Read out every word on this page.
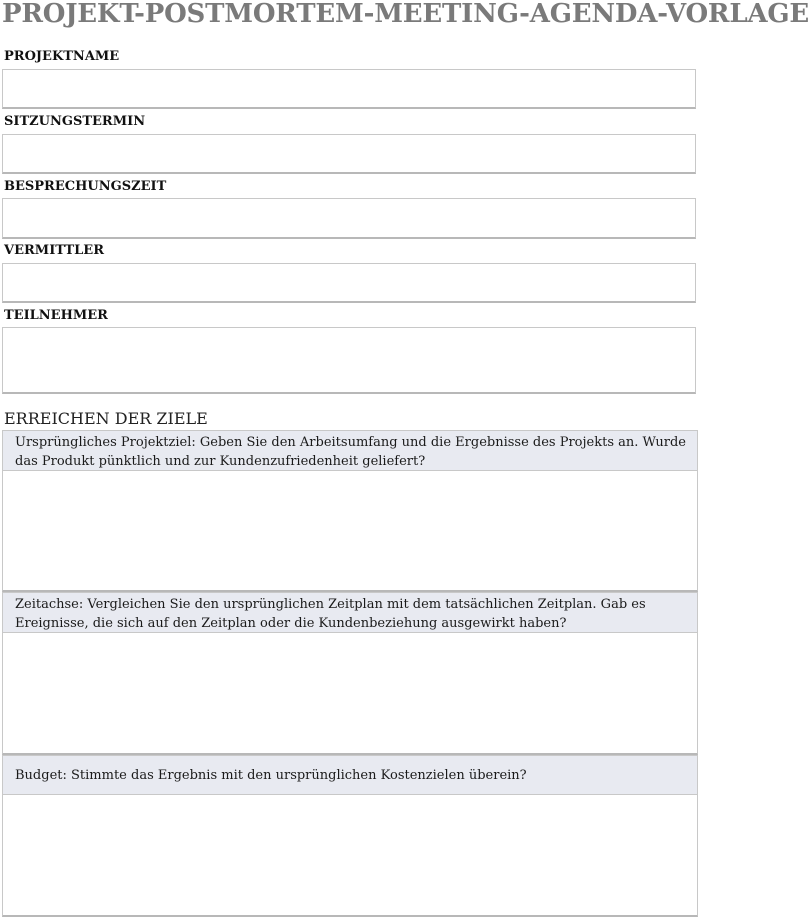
PROJEKT-POSTMORTEM-MEETING-AGENDA-VORLAGE
PROJEKTNAME
SITZUNGSTERMIN
BESPRECHUNGSZEIT
VERMITTLER
TEILNEHMER
ERREICHEN DER ZIELE
Ursprüngliches Projektziel: Geben Sie den Arbeitsumfang und die Ergebnisse des Projekts an. Wurde das Produkt pünktlich und zur Kundenzufriedenheit geliefert?
Zeitachse: Vergleichen Sie den ursprünglichen Zeitplan mit dem tatsächlichen Zeitplan. Gab es Ereignisse, die sich auf den Zeitplan oder die Kundenbeziehung ausgewirkt haben?
Budget: Stimmte das Ergebnis mit den ursprünglichen Kostenzielen überein?
